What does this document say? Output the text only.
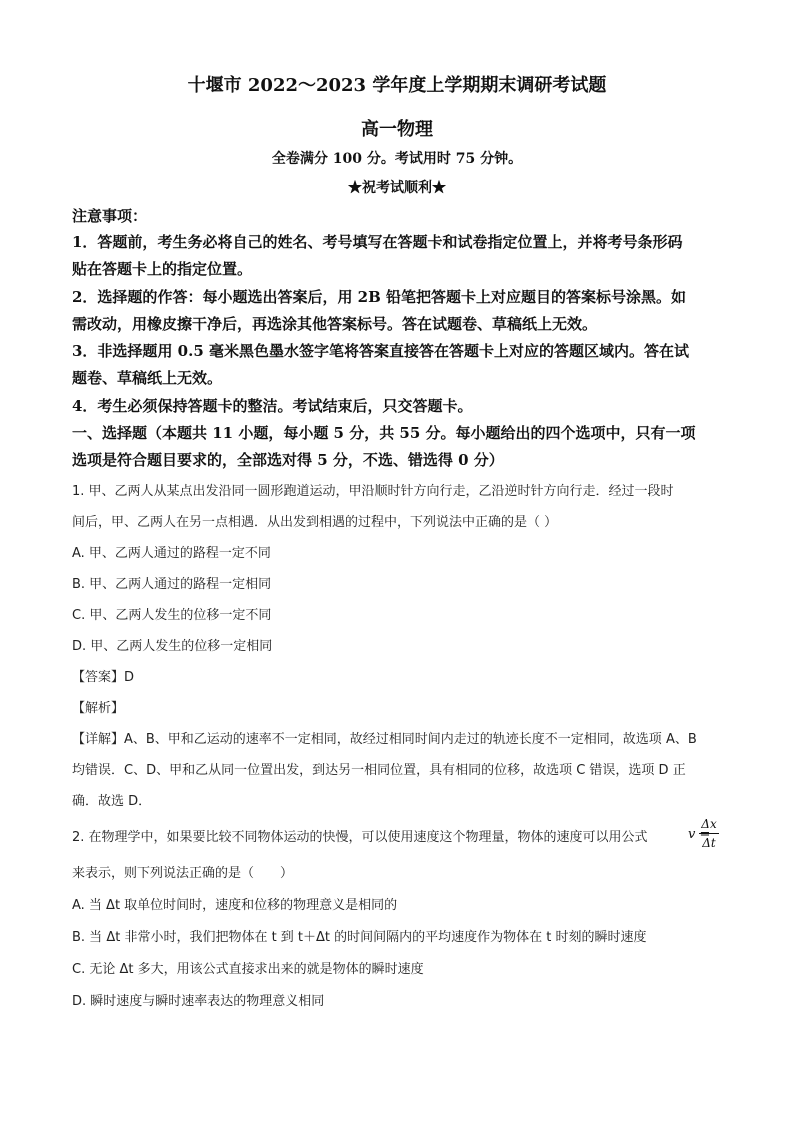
十堰市 2022～2023 学年度上学期期末调研考试题
高一物理
全卷满分 100 分。考试用时 75 分钟。
★祝考试顺利★
注意事项：
1．答题前，考生务必将自己的姓名、考号填写在答题卡和试卷指定位置上，并将考号条形码
贴在答题卡上的指定位置。
2．选择题的作答：每小题选出答案后，用 2B 铅笔把答题卡上对应题目的答案标号涂黑。如
需改动，用橡皮擦干净后，再选涂其他答案标号。答在试题卷、草稿纸上无效。
3．非选择题用 0.5 毫米黑色墨水签字笔将答案直接答在答题卡上对应的答题区域内。答在试
题卷、草稿纸上无效。
4．考生必须保持答题卡的整洁。考试结束后，只交答题卡。
一、选择题（本题共 11 小题，每小题 5 分，共 55 分。每小题给出的四个选项中，只有一项
选项是符合题目要求的，全部选对得 5 分，不选、错选得 0 分）
1. 甲、乙两人从某点出发沿同一圆形跑道运动，甲沿顺时针方向行走，乙沿逆时针方向行走．经过一段时
间后，甲、乙两人在另一点相遇．从出发到相遇的过程中，下列说法中正确的是（ ）
A. 甲、乙两人通过的路程一定不同
B. 甲、乙两人通过的路程一定相同
C. 甲、乙两人发生的位移一定不同
D. 甲、乙两人发生的位移一定相同
【答案】D
【解析】
【详解】A、B、甲和乙运动的速率不一定相同，故经过相同时间内走过的轨迹长度不一定相同，故选项 A、B
均错误．C、D、甲和乙从同一位置出发，到达另一相同位置，具有相同的位移，故选项 C 错误，选项 D 正
确．故选 D．
2. 在物理学中，如果要比较不同物体运动的快慢，可以使用速度这个物理量，物体的速度可以用公式	v =
Δx
Δt
来表示，则下列说法正确的是（　　）
A. 当 Δt 取单位时间时，速度和位移的物理意义是相同的
B. 当 Δt 非常小时，我们把物体在 t 到 t＋Δt 的时间间隔内的平均速度作为物体在 t 时刻的瞬时速度
C. 无论 Δt 多大，用该公式直接求出来的就是物体的瞬时速度
D. 瞬时速度与瞬时速率表达的物理意义相同
